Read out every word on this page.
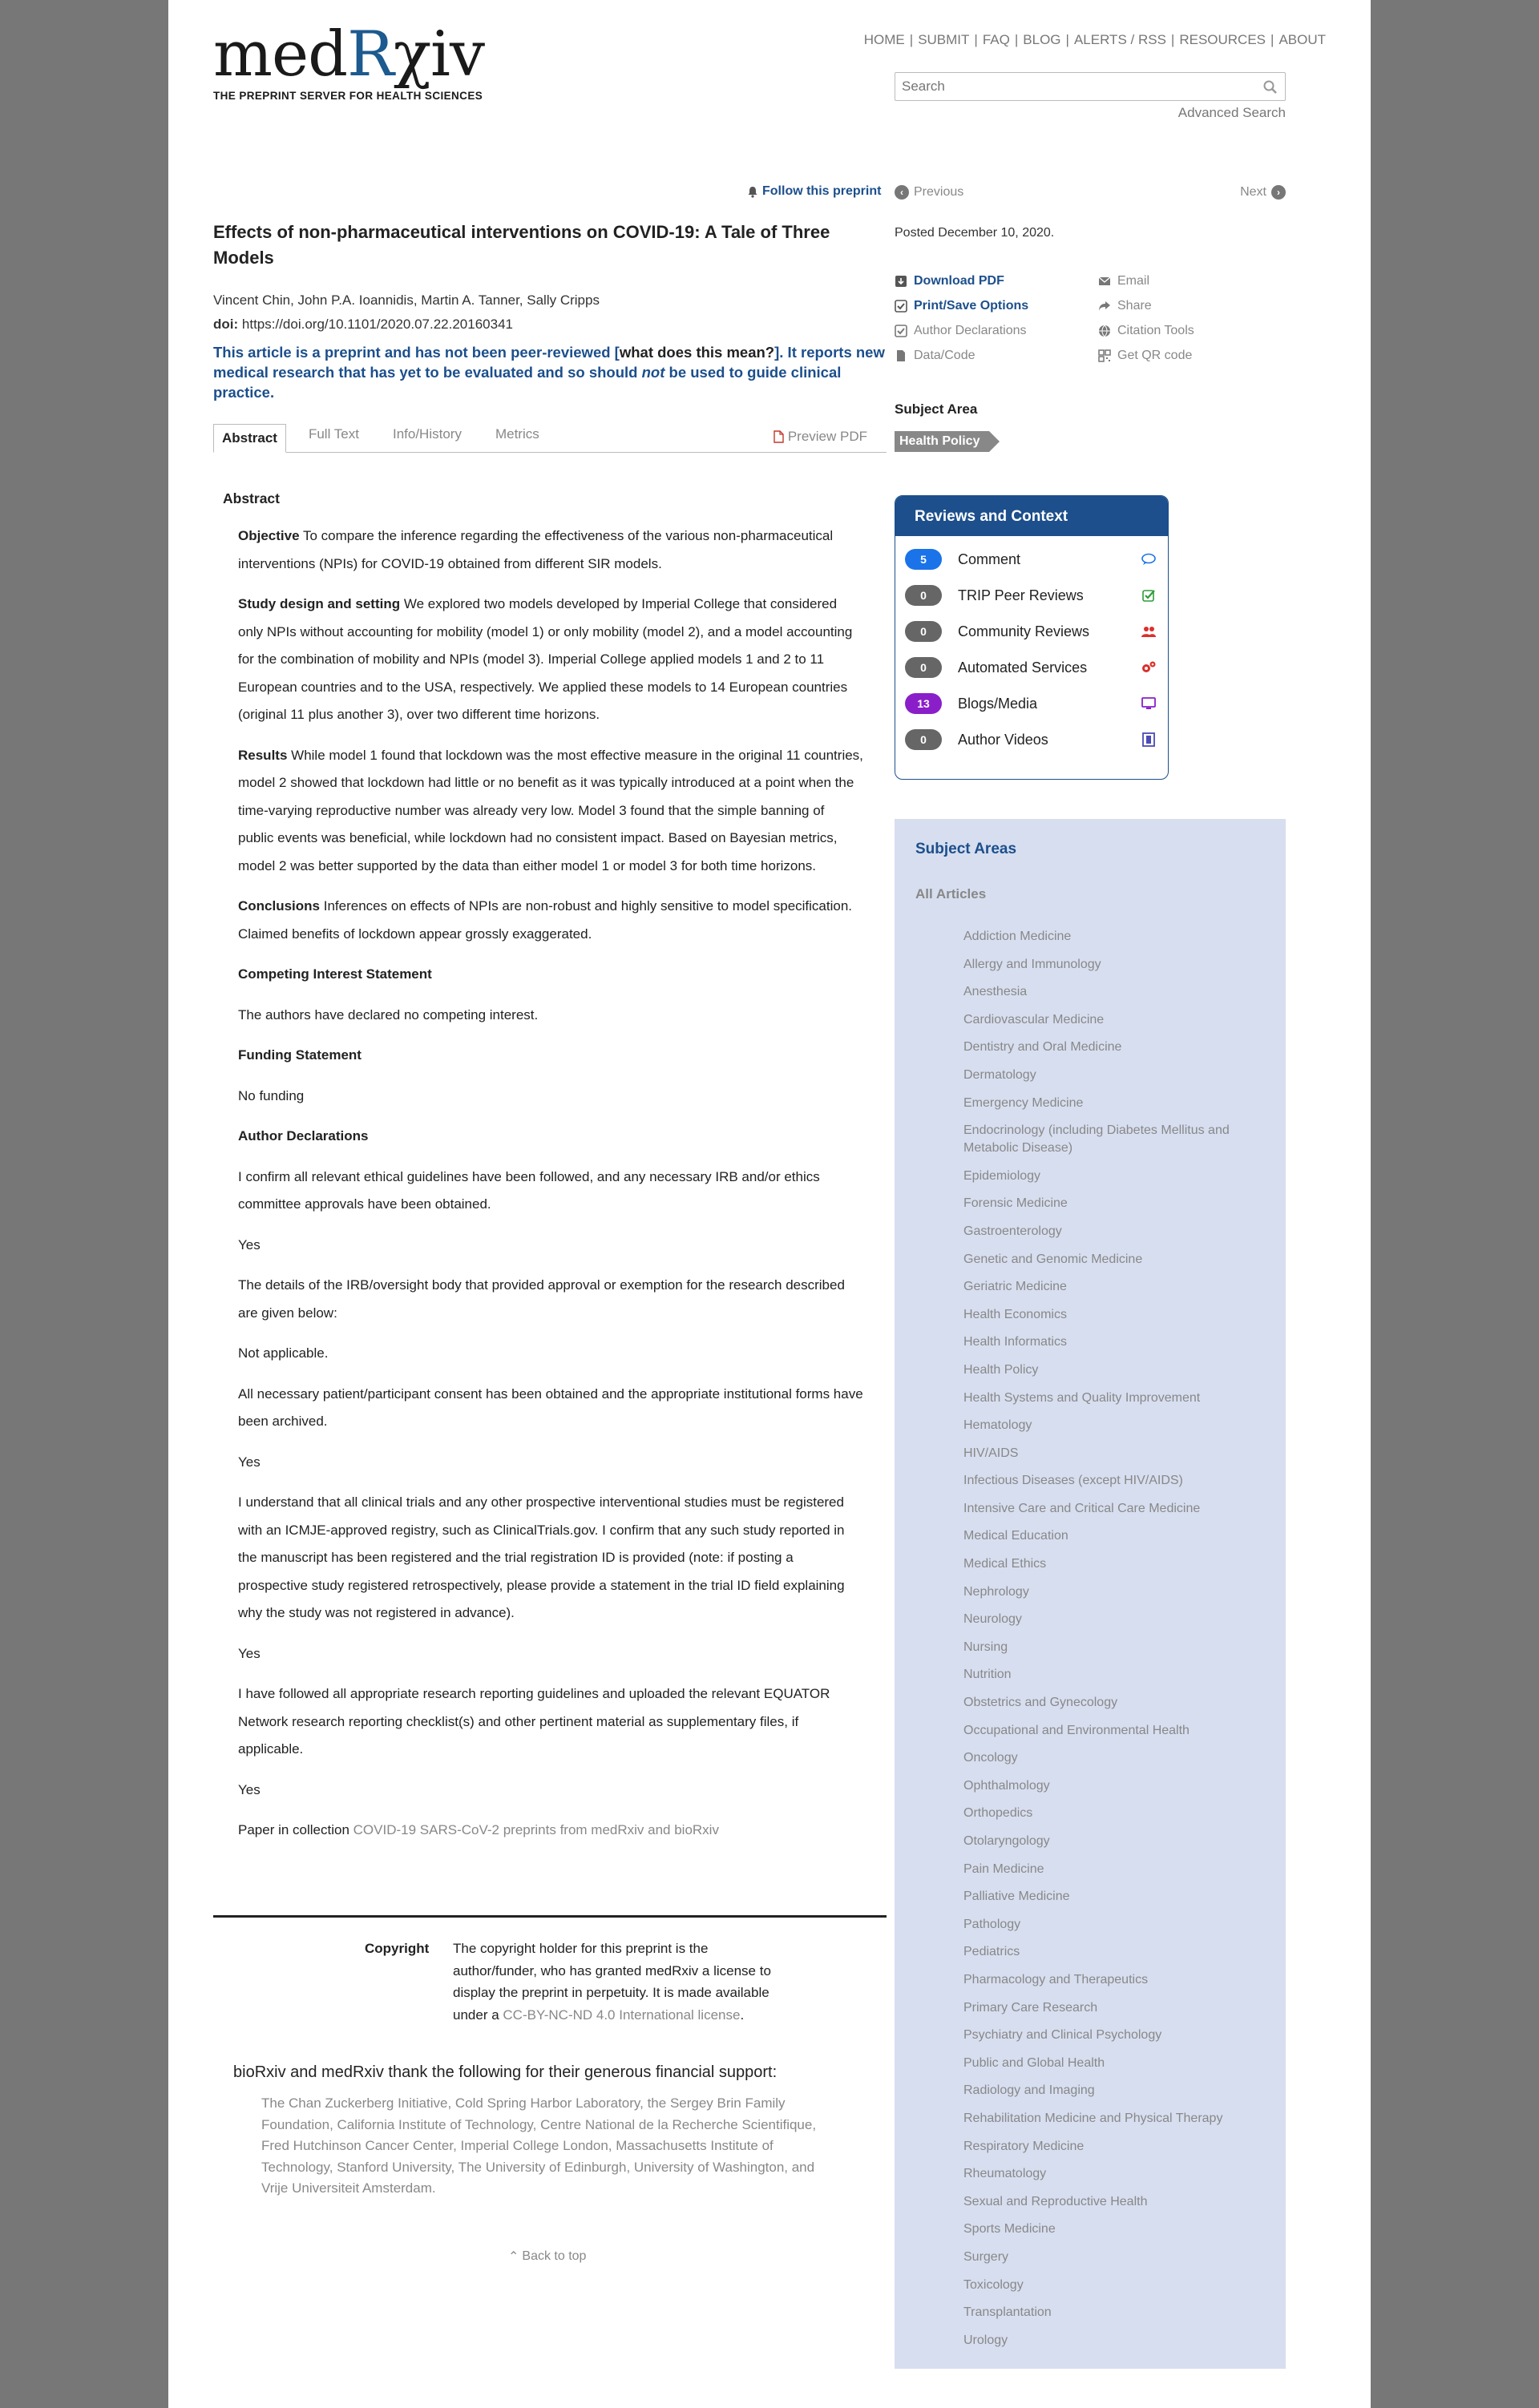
medRχiv
THE PREPRINT SERVER FOR HEALTH SCIENCES
HOME | SUBMIT | FAQ | BLOG | ALERTS / RSS | RESOURCES | ABOUT
Search
Advanced Search
Follow this preprint	‹ Previous	Next	›
Effects of non-pharmaceutical interventions on COVID-19: A Tale of Three Models
Vincent Chin, John P.A. Ioannidis, Martin A. Tanner, Sally Cripps
doi: https://doi.org/10.1101/2020.07.22.20160341
This article is a preprint and has not been peer-reviewed [what does this mean?]. It reports new medical research that has yet to be evaluated and so should not be used to guide clinical practice.
Abstract	Full Text	Info/History	Metrics	Preview PDF
Abstract

Objective To compare the inference regarding the effectiveness of the various non-pharmaceutical interventions (NPIs) for COVID-19 obtained from different SIR models.

Study design and setting We explored two models developed by Imperial College that considered only NPIs without accounting for mobility (model 1) or only mobility (model 2), and a model accounting for the combination of mobility and NPIs (model 3). Imperial College applied models 1 and 2 to 11 European countries and to the USA, respectively. We applied these models to 14 European countries (original 11 plus another 3), over two different time horizons.

Results While model 1 found that lockdown was the most effective measure in the original 11 countries, model 2 showed that lockdown had little or no benefit as it was typically introduced at a point when the time-varying reproductive number was already very low. Model 3 found that the simple banning of public events was beneficial, while lockdown had no consistent impact. Based on Bayesian metrics, model 2 was better supported by the data than either model 1 or model 3 for both time horizons.

Conclusions Inferences on effects of NPIs are non-robust and highly sensitive to model specification. Claimed benefits of lockdown appear grossly exaggerated.

Competing Interest Statement

The authors have declared no competing interest.

Funding Statement

No funding

Author Declarations

I confirm all relevant ethical guidelines have been followed, and any necessary IRB and/or ethics committee approvals have been obtained.

Yes

The details of the IRB/oversight body that provided approval or exemption for the research described are given below:

Not applicable.

All necessary patient/participant consent has been obtained and the appropriate institutional forms have been archived.

Yes

I understand that all clinical trials and any other prospective interventional studies must be registered with an ICMJE-approved registry, such as ClinicalTrials.gov. I confirm that any such study reported in the manuscript has been registered and the trial registration ID is provided (note: if posting a prospective study registered retrospectively, please provide a statement in the trial ID field explaining why the study was not registered in advance).

Yes

I have followed all appropriate research reporting guidelines and uploaded the relevant EQUATOR Network research reporting checklist(s) and other pertinent material as supplementary files, if applicable.

Yes

Paper in collection COVID-19 SARS-CoV-2 preprints from medRxiv and bioRxiv

Copyright	The copyright holder for this preprint is the author/funder, who has granted medRxiv a license to display the preprint in perpetuity. It is made available under a CC-BY-NC-ND 4.0 International license.
bioRxiv and medRxiv thank the following for their generous financial support:
The Chan Zuckerberg Initiative, Cold Spring Harbor Laboratory, the Sergey Brin Family Foundation, California Institute of Technology, Centre National de la Recherche Scientifique, Fred Hutchinson Cancer Center, Imperial College London, Massachusetts Institute of Technology, Stanford University, The University of Edinburgh, University of Washington, and Vrije Universiteit Amsterdam.
⌃ Back to top
Posted December 10, 2020.
Download PDF	Email
Print/Save Options	Share
Author Declarations	Citation Tools
Data/Code	Get QR code
Subject Area
Health Policy
Reviews and Context
5	Comment
0	TRIP Peer Reviews
0	Community Reviews
0	Automated Services
13	Blogs/Media
0	Author Videos
Subject Areas
All Articles
Addiction Medicine
Allergy and Immunology
Anesthesia
Cardiovascular Medicine
Dentistry and Oral Medicine
Dermatology
Emergency Medicine
Endocrinology (including Diabetes Mellitus and Metabolic Disease)
Epidemiology
Forensic Medicine
Gastroenterology
Genetic and Genomic Medicine
Geriatric Medicine
Health Economics
Health Informatics
Health Policy
Health Systems and Quality Improvement
Hematology
HIV/AIDS
Infectious Diseases (except HIV/AIDS)
Intensive Care and Critical Care Medicine
Medical Education
Medical Ethics
Nephrology
Neurology
Nursing
Nutrition
Obstetrics and Gynecology
Occupational and Environmental Health
Oncology
Ophthalmology
Orthopedics
Otolaryngology
Pain Medicine
Palliative Medicine
Pathology
Pediatrics
Pharmacology and Therapeutics
Primary Care Research
Psychiatry and Clinical Psychology
Public and Global Health
Radiology and Imaging
Rehabilitation Medicine and Physical Therapy
Respiratory Medicine
Rheumatology
Sexual and Reproductive Health
Sports Medicine
Surgery
Toxicology
Transplantation
Urology
